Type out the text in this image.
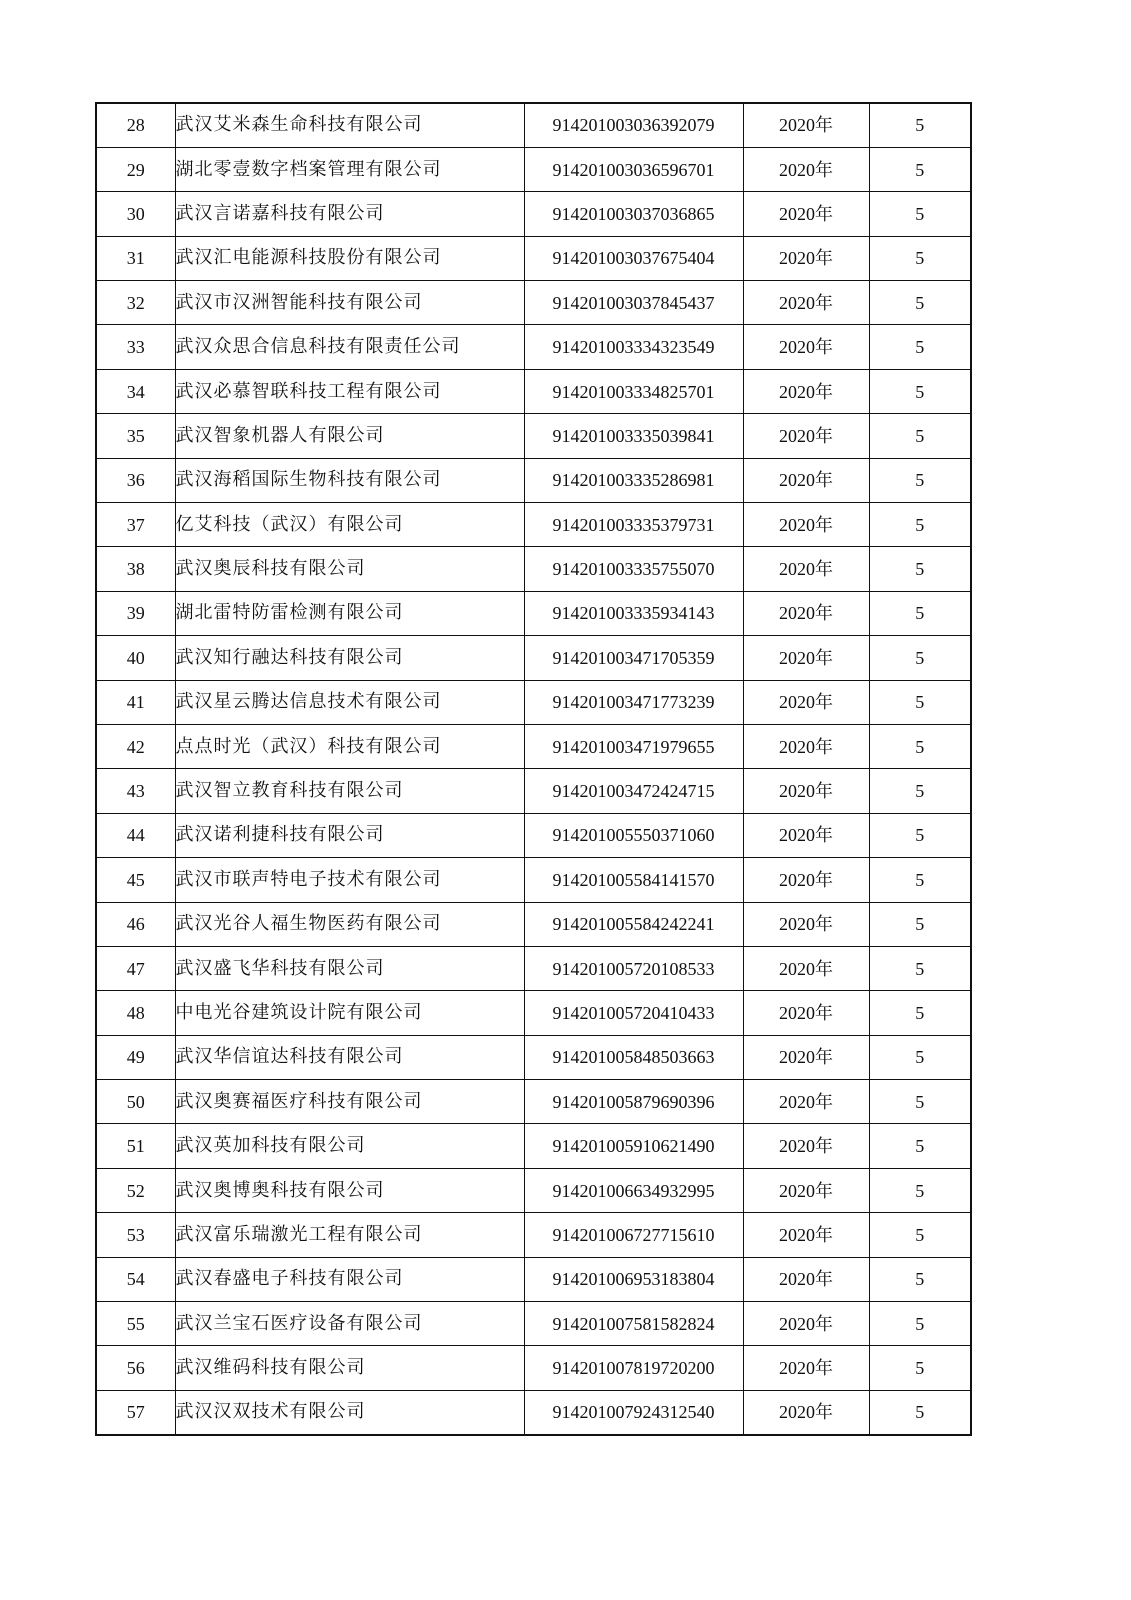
28	武汉艾米森生命科技有限公司	914201003036392079	2020年	5
29	湖北零壹数字档案管理有限公司	914201003036596701	2020年	5
30	武汉言诺嘉科技有限公司	914201003037036865	2020年	5
31	武汉汇电能源科技股份有限公司	914201003037675404	2020年	5
32	武汉市汉洲智能科技有限公司	914201003037845437	2020年	5
33	武汉众思合信息科技有限责任公司	914201003334323549	2020年	5
34	武汉必慕智联科技工程有限公司	914201003334825701	2020年	5
35	武汉智象机器人有限公司	914201003335039841	2020年	5
36	武汉海稻国际生物科技有限公司	914201003335286981	2020年	5
37	亿艾科技（武汉）有限公司	914201003335379731	2020年	5
38	武汉奥辰科技有限公司	914201003335755070	2020年	5
39	湖北雷特防雷检测有限公司	914201003335934143	2020年	5
40	武汉知行融达科技有限公司	914201003471705359	2020年	5
41	武汉星云腾达信息技术有限公司	914201003471773239	2020年	5
42	点点时光（武汉）科技有限公司	914201003471979655	2020年	5
43	武汉智立教育科技有限公司	914201003472424715	2020年	5
44	武汉诺利捷科技有限公司	914201005550371060	2020年	5
45	武汉市联声特电子技术有限公司	914201005584141570	2020年	5
46	武汉光谷人福生物医药有限公司	914201005584242241	2020年	5
47	武汉盛飞华科技有限公司	914201005720108533	2020年	5
48	中电光谷建筑设计院有限公司	914201005720410433	2020年	5
49	武汉华信谊达科技有限公司	914201005848503663	2020年	5
50	武汉奥赛福医疗科技有限公司	914201005879690396	2020年	5
51	武汉英加科技有限公司	914201005910621490	2020年	5
52	武汉奥博奥科技有限公司	914201006634932995	2020年	5
53	武汉富乐瑞激光工程有限公司	914201006727715610	2020年	5
54	武汉春盛电子科技有限公司	914201006953183804	2020年	5
55	武汉兰宝石医疗设备有限公司	914201007581582824	2020年	5
56	武汉维码科技有限公司	914201007819720200	2020年	5
57	武汉汉双技术有限公司	914201007924312540	2020年	5
